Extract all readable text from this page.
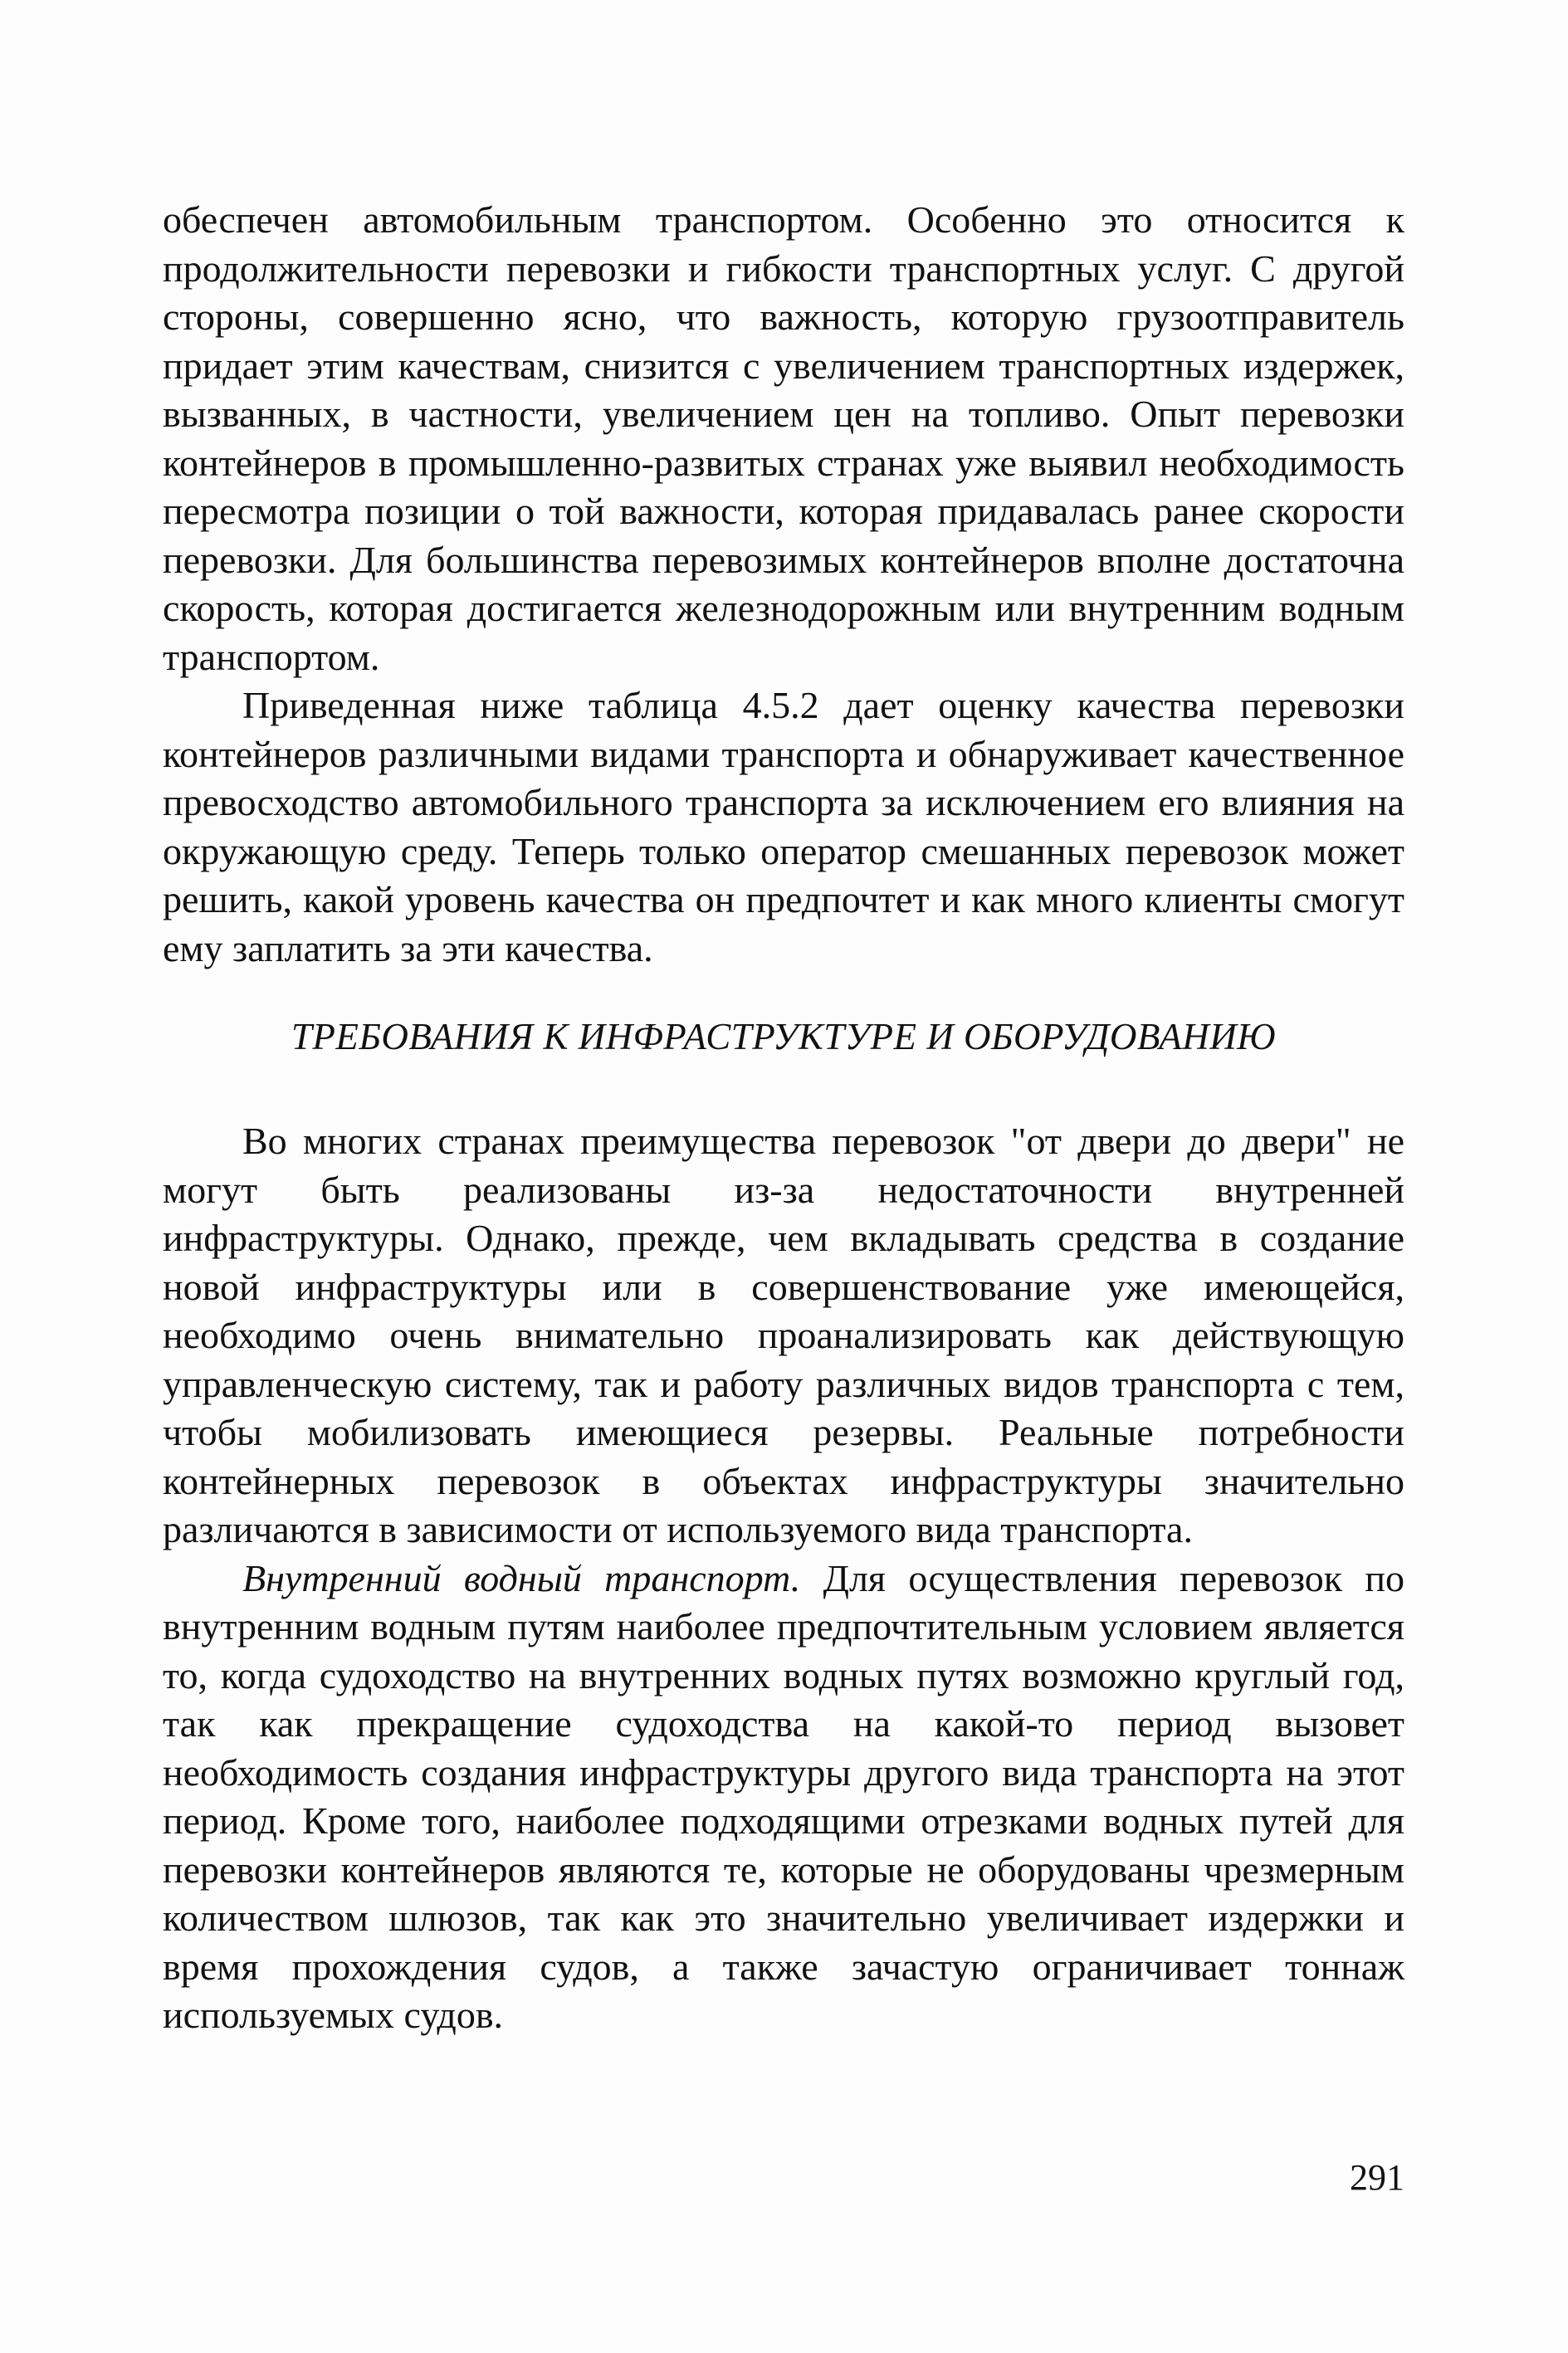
обеспечен автомобильным транспортом. Особенно это относится к продолжительности перевозки и гибкости транспортных услуг. С другой стороны, совершенно ясно, что важность, которую грузоотправитель придает этим качествам, снизится с увеличением транспортных издержек, вызванных, в частности, увеличением цен на топливо. Опыт перевозки контейнеров в промышленно-развитых странах уже выявил необходимость пересмотра позиции о той важности, которая придавалась ранее скорости перевозки. Для большинства перевозимых контейнеров вполне достаточна скорость, которая достигается железнодорожным или внутренним водным транспортом.

Приведенная ниже таблица 4.5.2 дает оценку качества перевозки контейнеров различными видами транспорта и обнаруживает качественное превосходство автомобильного транспорта за исключением его влияния на окружающую среду. Теперь только оператор смешанных перевозок может решить, какой уровень качества он предпочтет и как много клиенты смогут ему заплатить за эти качества.

ТРЕБОВАНИЯ К ИНФРАСТРУКТУРЕ И ОБОРУДОВАНИЮ

Во многих странах преимущества перевозок "от двери до двери" не могут быть реализованы из-за недостаточности внутренней инфраструктуры. Однако, прежде, чем вкладывать средства в создание новой инфраструктуры или в совершенствование уже имеющейся, необходимо очень внимательно проанализировать как действующую управленческую систему, так и работу различных видов транспорта с тем, чтобы мобилизовать имеющиеся резервы. Реальные потребности контейнерных перевозок в объектах инфраструктуры значительно различаются в зависимости от используемого вида транспорта.

Внутренний водный транспорт. Для осуществления перевозок по внутренним водным путям наиболее предпочтительным условием является то, когда судоходство на внутренних водных путях возможно круглый год, так как прекращение судоходства на какой-то период вызовет необходимость создания инфраструктуры другого вида транспорта на этот период. Кроме того, наиболее подходящими отрезками водных путей для перевозки контейнеров являются те, которые не оборудованы чрезмерным количеством шлюзов, так как это значительно увеличивает издержки и время прохождения судов, а также зачастую ограничивает тоннаж используемых судов.

291
